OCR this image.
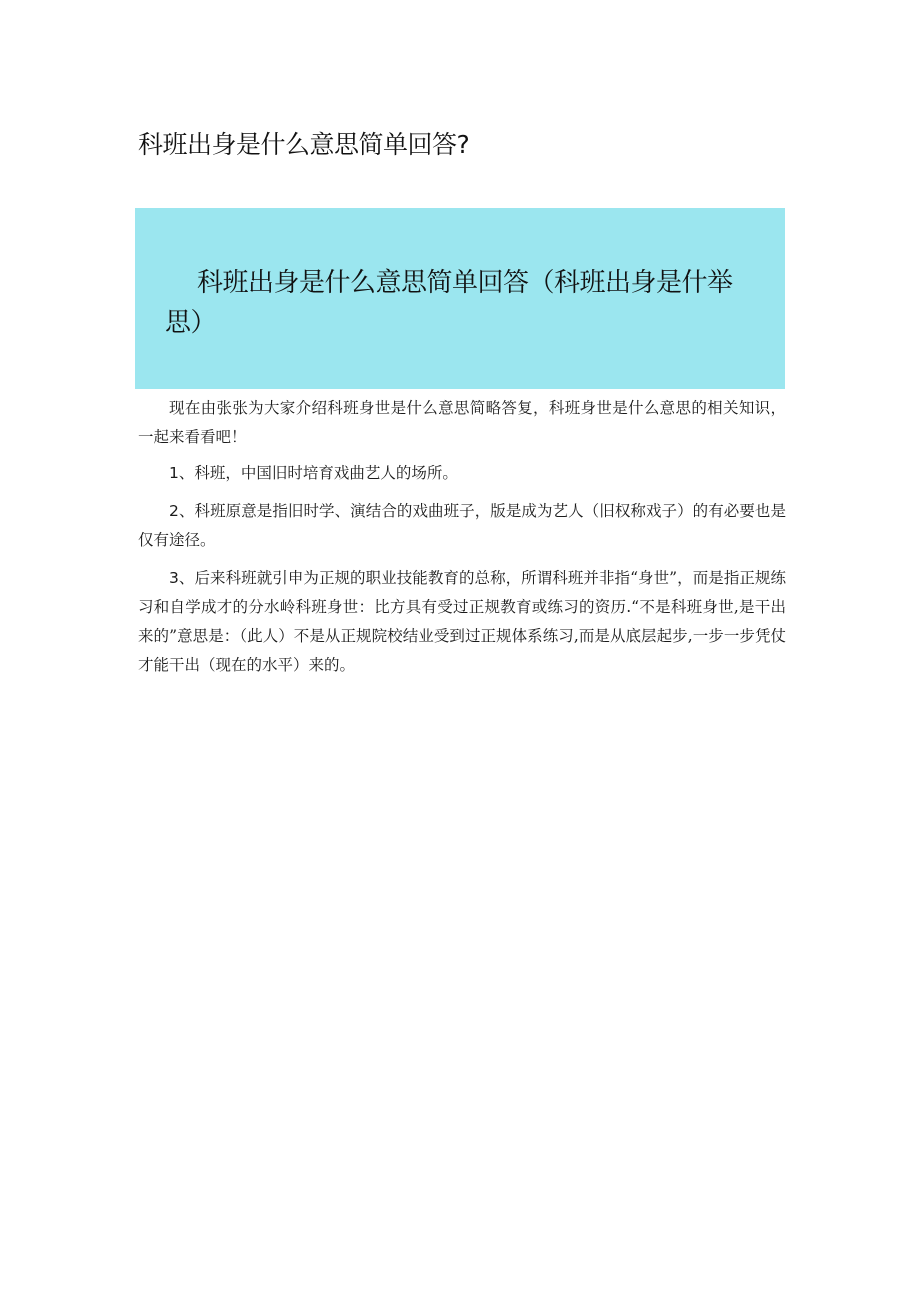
科班出身是什么意思简单回答?

科班出身是什么意思简单回答（科班出身是什举思）

现在由张张为大家介绍科班身世是什么意思简略答复，科班身世是什么意思的相关知识，一起来看看吧！

1、科班，中国旧时培育戏曲艺人的场所。

2、科班原意是指旧时学、演结合的戏曲班子，版是成为艺人（旧权称戏子）的有必要也是仅有途径。

3、后来科班就引申为正规的职业技能教育的总称，所谓科班并非指“身世”，而是指正规练习和自学成才的分水岭科班身世：比方具有受过正规教育或练习的资历.“不是科班身世,是干出来的”意思是：（此人）不是从正规院校结业受到过正规体系练习,而是从底层起步,一步一步凭仗才能干出（现在的水平）来的。
